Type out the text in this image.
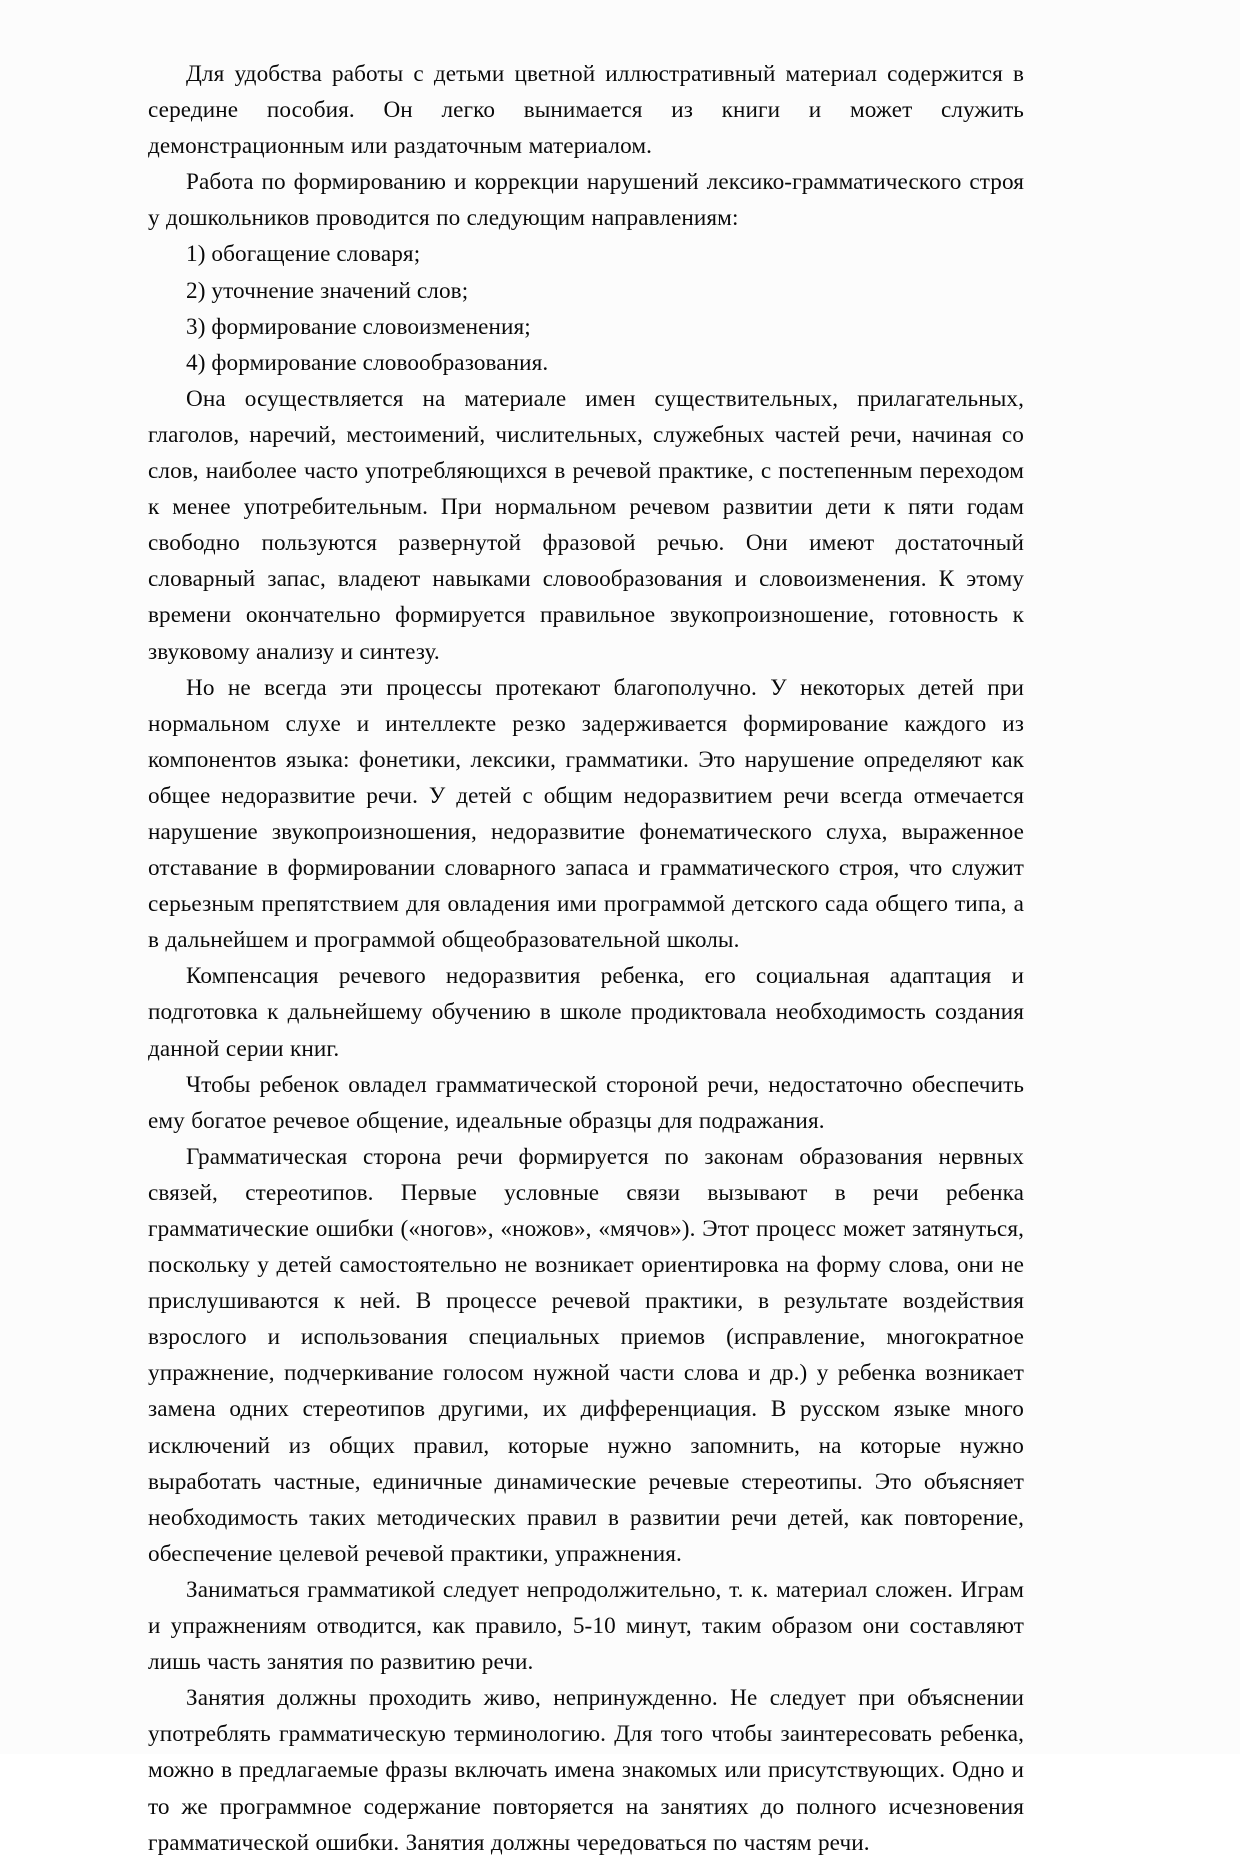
Для удобства работы с детьми цветной иллюстративный материал содержится в середине пособия. Он легко вынимается из книги и может служить демонстрационным или раздаточным материалом.

Работа по формированию и коррекции нарушений лексико-грамматического строя у дошкольников проводится по следующим направлениям:

1) обогащение словаря;

2) уточнение значений слов;

3) формирование словоизменения;

4) формирование словообразования.

Она осуществляется на материале имен существительных, прилагательных, глаголов, наречий, местоимений, числительных, служебных частей речи, начиная со слов, наиболее часто употребляющихся в речевой практике, с постепенным переходом к менее употребительным. При нормальном речевом развитии дети к пяти годам свободно пользуются развернутой фразовой речью. Они имеют достаточный словарный запас, владеют навыками словообразования и словоизменения. К этому времени окончательно формируется правильное звукопроизношение, готовность к звуковому анализу и синтезу.

Но не всегда эти процессы протекают благополучно. У некоторых детей при нормальном слухе и интеллекте резко задерживается формирование каждого из компонентов языка: фонетики, лексики, грамматики. Это нарушение определяют как общее недоразвитие речи. У детей с общим недоразвитием речи всегда отмечается нарушение звукопроизношения, недоразвитие фонематического слуха, выраженное отставание в формировании словарного запаса и грамматического строя, что служит серьезным препятствием для овладения ими программой детского сада общего типа, а в дальнейшем и программой общеобразовательной школы.

Компенсация речевого недоразвития ребенка, его социальная адаптация и подготовка к дальнейшему обучению в школе продиктовала необходимость создания данной серии книг.

Чтобы ребенок овладел грамматической стороной речи, недостаточно обеспечить ему богатое речевое общение, идеальные образцы для подражания.

Грамматическая сторона речи формируется по законам образования нервных связей, стереотипов. Первые условные связи вызывают в речи ребенка грамматические ошибки («ногов», «ножов», «мячов»). Этот процесс может затянуться, поскольку у детей самостоятельно не возникает ориентировка на форму слова, они не прислушиваются к ней. В процессе речевой практики, в результате воздействия взрослого и использования специальных приемов (исправление, многократное упражнение, подчеркивание голосом нужной части слова и др.) у ребенка возникает замена одних стереотипов другими, их дифференциация. В русском языке много исключений из общих правил, которые нужно запомнить, на которые нужно выработать частные, единичные динамические речевые стереотипы. Это объясняет необходимость таких методических правил в развитии речи детей, как повторение, обеспечение целевой речевой практики, упражнения.

Заниматься грамматикой следует непродолжительно, т. к. материал сложен. Играм и упражнениям отводится, как правило, 5-10 минут, таким образом они составляют лишь часть занятия по развитию речи.

Занятия должны проходить живо, непринужденно. Не следует при объяснении употреблять грамматическую терминологию. Для того чтобы заинтересовать ребенка, можно в предлагаемые фразы включать имена знакомых или присутствующих. Одно и то же программное содержание повторяется на занятиях до полного исчезновения грамматической ошибки. Занятия должны чередоваться по частям речи.
